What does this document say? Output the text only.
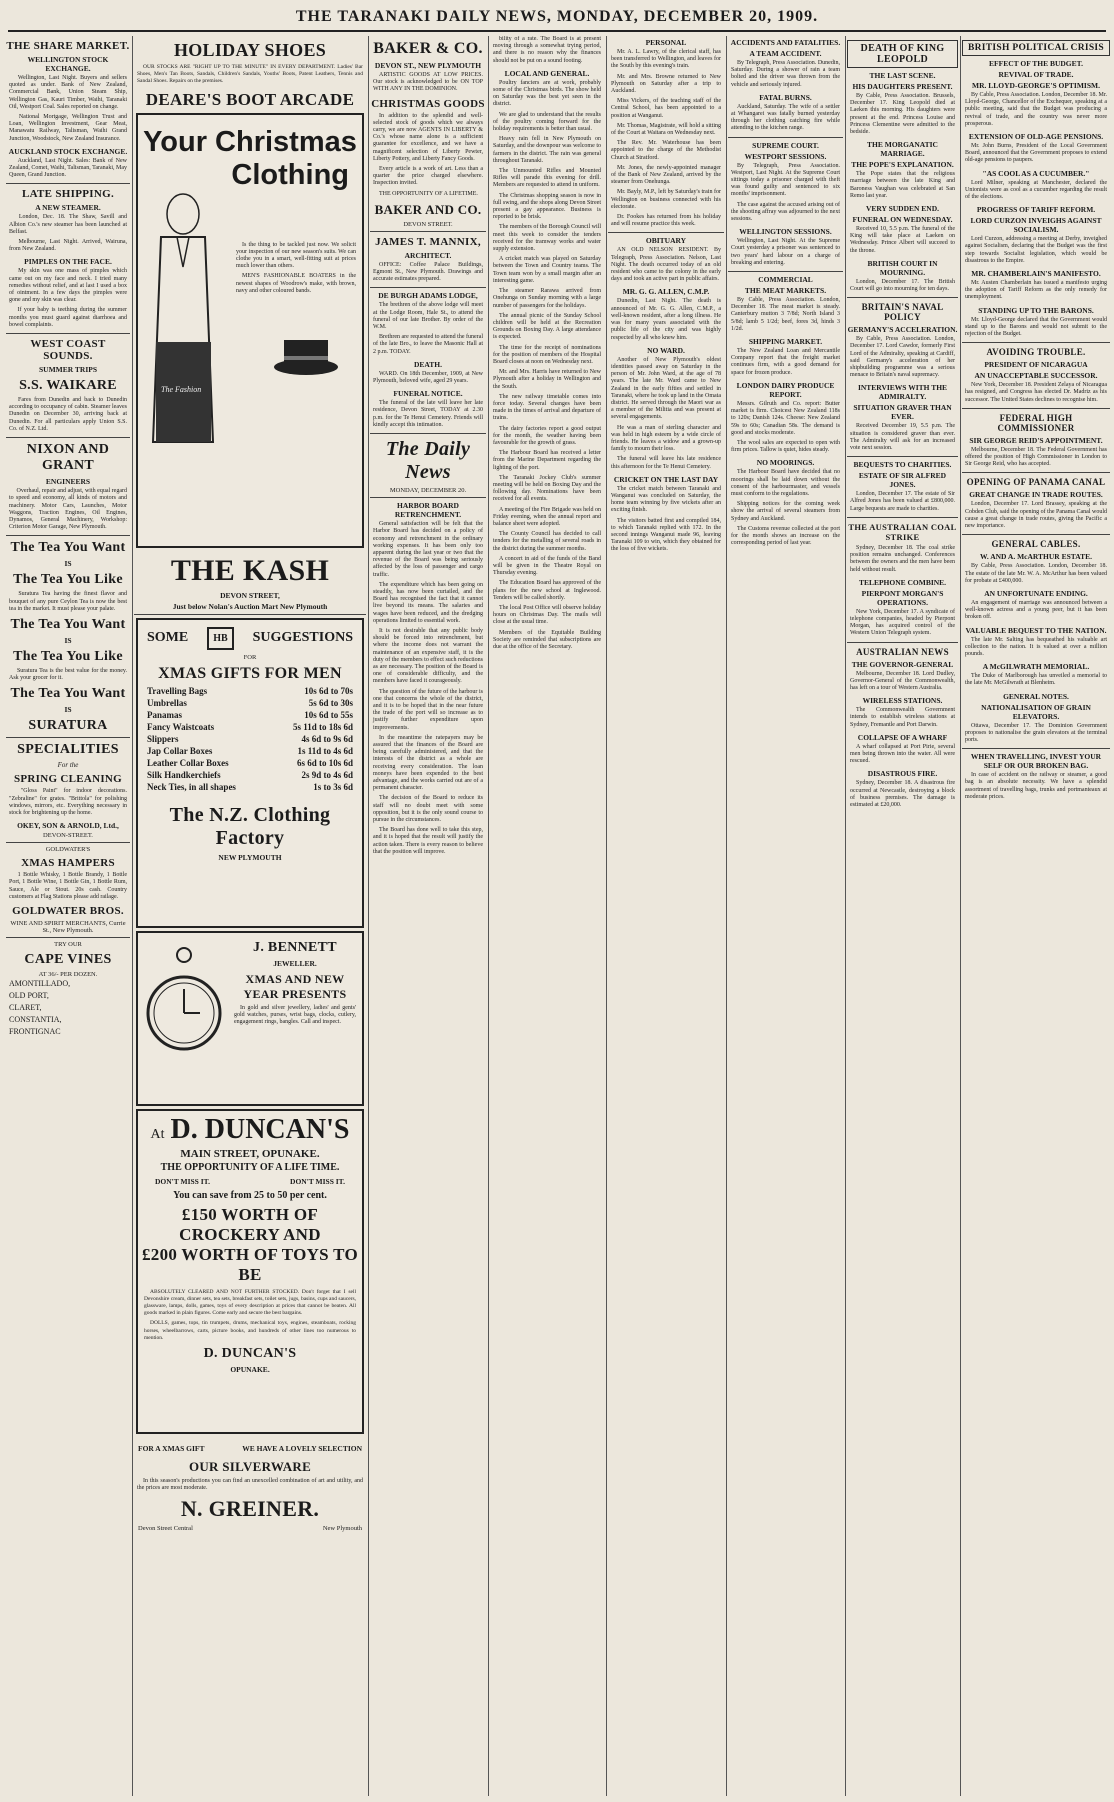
THE TARANAKI DAILY NEWS, MONDAY, DECEMBER 20, 1909.
THE SHARE MARKET.
WELLINGTON STOCK EXCHANGE.

Wellington, Last Night. Buyers and sellers quoted as under. Bank of New Zealand, Commercial Bank, Union Steam Ship, Wellington Gas, Kauri Timber, Waihi, Taranaki Oil, Westport Coal. Sales reported on change.

National Mortgage, Wellington Trust and Loan, Wellington Investment, Gear Meat, Manawatu Railway, Talisman, Waihi Grand Junction, Woodstock, New Zealand Insurance.

AUCKLAND STOCK EXCHANGE.

Auckland, Last Night. Sales: Bank of New Zealand, Comet, Waihi, Talisman, Taranaki, May Queen, Grand Junction.

LATE SHIPPING.
A NEW STEAMER.

London, Dec. 18. The Shaw, Savill and Albion Co.'s new steamer has been launched at Belfast.

Melbourne, Last Night. Arrived, Wairuna, from New Zealand.

PIMPLES ON THE FACE.

My skin was one mass of pimples which came out on my face and neck. I tried many remedies without relief, and at last I used a box of ointment. In a few days the pimples were gone and my skin was clear.

If your baby is teething during the summer months you must guard against diarrhoea and bowel complaints.

WEST COAST SOUNDS.
SUMMER TRIPS
S.S. WAIKARE

Fares from Dunedin and back to Dunedin according to occupancy of cabin. Steamer leaves Dunedin on December 30, arriving back at Dunedin. For all particulars apply Union S.S. Co. of N.Z. Ltd.

NIXON AND GRANT
ENGINEERS

Overhaul, repair and adjust, with equal regard to speed and economy, all kinds of motors and machinery. Motor Cars, Launches, Motor Waggons, Traction Engines, Oil Engines, Dynamos, General Machinery, Workshop: Criterion Motor Garage, New Plymouth.

The Tea You Want
IS
The Tea You Like

Suratura Tea having the finest flavor and bouquet of any pure Ceylon Tea is now the best tea in the market. It must please your palate.

The Tea You Want
IS
The Tea You Like

Suratura Tea is the best value for the money. Ask your grocer for it.

The Tea You Want
IS
SURATURA
SPECIALITIES
For the
SPRING CLEANING

"Gloss Paint" for indoor decorations. "Zebraline" for grates. "Brittola" for polishing windows, mirrors, etc. Everything necessary in stock for brightening up the home.

OKEY, SON & ARNOLD, Ltd.,
DEVON-STREET.
GOLDWATER'S
XMAS HAMPERS

1 Bottle Whisky, 1 Bottle Brandy, 1 Bottle Port, 1 Bottle Wine, 1 Bottle Gin, 1 Bottle Rum, Sauce, Ale or Stout. 20s cash. Country customers at Flag Stations please add railage.

GOLDWATER BROS.
WINE AND SPIRIT MERCHANTS, Currie St., New Plymouth.
TRY OUR
CAPE VINES
AT 36/- PER DOZEN.
AMONTILLADO,
OLD PORT,
CLARET,
CONSTANTIA,
FRONTIGNAC
HOLIDAY SHOES

OUR STOCKS ARE "RIGHT UP TO THE MINUTE" IN EVERY DEPARTMENT. Ladies' Bar Shoes, Men's Tan Boots, Sandals, Children's Sandals, Youths' Boots, Patent Leathers, Tennis and Sandal Shoes. Repairs on the premises.

DEARE'S BOOT ARCADE
Your Christmas
Clothing
The Fashion

Is the thing to be tackled just now. We solicit your inspection of our new season's suits. We can clothe you in a smart, well-fitting suit at prices much lower than others.

MEN'S FASHIONABLE BOATERS in the newest shapes of Woodrow's make, with brown, navy and other coloured bands.

THE KASH
DEVON STREET,
Just below Nolan's Auction Mart New Plymouth
SOME	HB	SUGGESTIONS
FOR
XMAS GIFTS FOR MEN
Travelling Bags	10s 6d to 70s
Umbrellas	5s 6d to 30s
Panamas	10s 6d to 55s
Fancy Waistcoats	5s 11d to 18s 6d
Slippers	4s 6d to 9s 6d
Jap Collar Boxes	1s 11d to 4s 6d
Leather Collar Boxes	6s 6d to 10s 6d
Silk Handkerchiefs	2s 9d to 4s 6d
Neck Ties, in all shapes	1s to 3s 6d
The N.Z. Clothing Factory
NEW PLYMOUTH
J. BENNETT
JEWELLER.
XMAS AND NEW YEAR PRESENTS

In gold and silver jewellery, ladies' and gents' gold watches, purses, wrist bags, clocks, cutlery, engagement rings, bangles. Call and inspect.

At D. DUNCAN'S
MAIN STREET, OPUNAKE.
THE OPPORTUNITY OF A LIFE TIME.
DON'T MISS IT.	DON'T MISS IT.
You can save from 25 to 50 per cent.
£150 WORTH OF CROCKERY AND
£200 WORTH OF TOYS TO BE

ABSOLUTELY CLEARED AND NOT FURTHER STOCKED. Don't forget that I sell Devonshire cream, dinner sets, tea sets, breakfast sets, toilet sets, jugs, basins, cups and saucers, glassware, lamps, dolls, games, toys of every description at prices that cannot be beaten. All goods marked in plain figures. Come early and secure the best bargains.

DOLLS, games, tops, tin trumpets, drums, mechanical toys, engines, steamboats, rocking horses, wheelbarrows, carts, picture books, and hundreds of other lines too numerous to mention.

D. DUNCAN'S
OPUNAKE.
FOR A XMAS GIFT	WE HAVE A LOVELY SELECTION
OUR SILVERWARE

In this season's productions you can find an unexcelled combination of art and utility, and the prices are most moderate.

N. GREINER.
Devon Street Central	New Plymouth
BAKER & CO.
DEVON ST., NEW PLYMOUTH

ARTISTIC GOODS AT LOW PRICES. Our stock is acknowledged to be ON TOP WITH ANY IN THE DOMINION.

CHRISTMAS GOODS

In addition to the splendid and well-selected stock of goods which we always carry, we are now AGENTS IN LIBERTY & Co.'s whose name alone is a sufficient guarantee for excellence, and we have a magnificent selection of Liberty Pewter, Liberty Pottery, and Liberty Fancy Goods.

Every article is a work of art. Less than a quarter the price charged elsewhere. Inspection invited.

THE OPPORTUNITY OF A LIFETIME.

BAKER AND CO.
DEVON STREET.
JAMES T. MANNIX,
ARCHITECT.

OFFICE: Coffee Palace Buildings, Egmont St., New Plymouth. Drawings and accurate estimates prepared.

DE BURGH ADAMS LODGE,

The brethren of the above lodge will meet at the Lodge Room, Hale St., to attend the funeral of our late Brother. By order of the W.M.

Brethren are requested to attend the funeral of the late Bro., to leave the Masonic Hall at 2 p.m. TODAY.

DEATH.

WARD. On 18th December, 1909, at New Plymouth, beloved wife, aged 29 years.

FUNERAL NOTICE.

The funeral of the late will leave her late residence, Devon Street, TODAY at 2.30 p.m. for the Te Henui Cemetery. Friends will kindly accept this intimation.

The Daily News
MONDAY, DECEMBER 20.
HARBOR BOARD RETRENCHMENT.

General satisfaction will be felt that the Harbor Board has decided on a policy of economy and retrenchment in the ordinary working expenses. It has been only too apparent during the last year or two that the revenue of the Board was being seriously affected by the loss of passenger and cargo traffic.

The expenditure which has been going on steadily, has now been curtailed, and the Board has recognised the fact that it cannot live beyond its means. The salaries and wages have been reduced, and the dredging operations limited to essential work.

It is not desirable that any public body should be forced into retrenchment, but where the income does not warrant the maintenance of an expensive staff, it is the duty of the members to effect such reductions as are necessary. The position of the Board is one of considerable difficulty, and the members have faced it courageously.

The question of the future of the harbour is one that concerns the whole of the district, and it is to be hoped that in the near future the trade of the port will so increase as to justify further expenditure upon improvements.

In the meantime the ratepayers may be assured that the finances of the Board are being carefully administered, and that the interests of the district as a whole are receiving every consideration. The loan moneys have been expended to the best advantage, and the works carried out are of a permanent character.

The decision of the Board to reduce its staff will no doubt meet with some opposition, but it is the only sound course to pursue in the circumstances.

The Board has done well to take this step, and it is hoped that the result will justify the action taken. There is every reason to believe that the position will improve.

bility of a rate. The Board is at present moving through a somewhat trying period, and there is no reason why the finances should not be put on a sound footing.

LOCAL AND GENERAL.

Poultry fanciers are at work, probably some of the Christmas birds. The show held on Saturday was the best yet seen in the district.

We are glad to understand that the results of the poultry coming forward for the holiday requirements is better than usual.

Heavy rain fell in New Plymouth on Saturday, and the downpour was welcome to farmers in the district. The rain was general throughout Taranaki.

The Unmounted Rifles and Mounted Rifles will parade this evening for drill. Members are requested to attend in uniform.

The Christmas shopping season is now in full swing, and the shops along Devon Street present a gay appearance. Business is reported to be brisk.

The members of the Borough Council will meet this week to consider the tenders received for the tramway works and water supply extension.

A cricket match was played on Saturday between the Town and Country teams. The Town team won by a small margin after an interesting game.

The steamer Rarawa arrived from Onehunga on Sunday morning with a large number of passengers for the holidays.

The annual picnic of the Sunday School children will be held at the Recreation Grounds on Boxing Day. A large attendance is expected.

The time for the receipt of nominations for the position of members of the Hospital Board closes at noon on Wednesday next.

Mr. and Mrs. Harris have returned to New Plymouth after a holiday in Wellington and the South.

The new railway timetable comes into force today. Several changes have been made in the times of arrival and departure of trains.

The dairy factories report a good output for the month, the weather having been favourable for the growth of grass.

The Harbour Board has received a letter from the Marine Department regarding the lighting of the port.

The Taranaki Jockey Club's summer meeting will be held on Boxing Day and the following day. Nominations have been received for all events.

A meeting of the Fire Brigade was held on Friday evening, when the annual report and balance sheet were adopted.

The County Council has decided to call tenders for the metalling of several roads in the district during the summer months.

A concert in aid of the funds of the Band will be given in the Theatre Royal on Thursday evening.

The Education Board has approved of the plans for the new school at Inglewood. Tenders will be called shortly.

The local Post Office will observe holiday hours on Christmas Day. The mails will close at the usual time.

Members of the Equitable Building Society are reminded that subscriptions are due at the office of the Secretary.

PERSONAL

Mr. A. L. Lawry, of the clerical staff, has been transferred to Wellington, and leaves for the South by this evening's train.

Mr. and Mrs. Browne returned to New Plymouth on Saturday after a trip to Auckland.

Miss Vickers, of the teaching staff of the Central School, has been appointed to a position at Wanganui.

Mr. Thomas, Magistrate, will hold a sitting of the Court at Waitara on Wednesday next.

The Rev. Mr. Waterhouse has been appointed to the charge of the Methodist Church at Stratford.

Mr. Jones, the newly-appointed manager of the Bank of New Zealand, arrived by the steamer from Onehunga.

Mr. Bayly, M.P., left by Saturday's train for Wellington on business connected with his electorate.

Dr. Fookes has returned from his holiday and will resume practice this week.

OBITUARY

AN OLD NELSON RESIDENT. By Telegraph, Press Association. Nelson, Last Night. The death occurred today of an old resident who came to the colony in the early days and took an active part in public affairs.

MR. G. G. ALLEN, C.M.P.

Dunedin, Last Night. The death is announced of Mr. G. G. Allen, C.M.P., a well-known resident, after a long illness. He was for many years associated with the public life of the city and was highly respected by all who knew him.

NO WARD.

Another of New Plymouth's oldest identities passed away on Saturday in the person of Mr. John Ward, at the age of 78 years. The late Mr. Ward came to New Zealand in the early fifties and settled in Taranaki, where he took up land in the Omata district. He served through the Maori war as a member of the Militia and was present at several engagements.

He was a man of sterling character and was held in high esteem by a wide circle of friends. He leaves a widow and a grown-up family to mourn their loss.

The funeral will leave his late residence this afternoon for the Te Henui Cemetery.

CRICKET ON THE LAST DAY

The cricket match between Taranaki and Wanganui was concluded on Saturday, the home team winning by five wickets after an exciting finish.

The visitors batted first and compiled 184, to which Taranaki replied with 172. In the second innings Wanganui made 96, leaving Taranaki 109 to win, which they obtained for the loss of five wickets.

ACCIDENTS AND FATALITIES.
A TEAM ACCIDENT.

By Telegraph, Press Association. Dunedin, Saturday. During a shower of rain a team bolted and the driver was thrown from the vehicle and seriously injured.

FATAL BURNS.

Auckland, Saturday. The wife of a settler at Whangarei was fatally burned yesterday through her clothing catching fire while attending to the kitchen range.

SUPREME COURT.
WESTPORT SESSIONS.

By Telegraph, Press Association. Westport, Last Night. At the Supreme Court sittings today a prisoner charged with theft was found guilty and sentenced to six months' imprisonment.

The case against the accused arising out of the shooting affray was adjourned to the next sessions.

WELLINGTON SESSIONS.

Wellington, Last Night. At the Supreme Court yesterday a prisoner was sentenced to two years' hard labour on a charge of breaking and entering.

COMMERCIAL
THE MEAT MARKETS.

By Cable, Press Association. London, December 18. The meat market is steady. Canterbury mutton 3 7/8d; North Island 3 5/8d; lamb 5 1/2d; beef, fores 3d, hinds 3 1/2d.

SHIPPING MARKET.

The New Zealand Loan and Mercantile Company report that the freight market continues firm, with a good demand for space for frozen produce.

LONDON DAIRY PRODUCE REPORT.

Messrs. Gilruth and Co. report: Butter market is firm. Choicest New Zealand 118s to 120s; Danish 124s. Cheese: New Zealand 59s to 60s; Canadian 58s. The demand is good and stocks moderate.

The wool sales are expected to open with firm prices. Tallow is quiet, hides steady.

NO MOORINGS.

The Harbour Board have decided that no moorings shall be laid down without the consent of the harbourmaster, and vessels must conform to the regulations.

Shipping notices for the coming week show the arrival of several steamers from Sydney and Auckland.

The Customs revenue collected at the port for the month shows an increase on the corresponding period of last year.

DEATH OF KING LEOPOLD
THE LAST SCENE.
HIS DAUGHTERS PRESENT.

By Cable, Press Association. Brussels, December 17. King Leopold died at Laeken this morning. His daughters were present at the end. Princess Louise and Princess Clementine were admitted to the bedside.

THE MORGANATIC MARRIAGE.
THE POPE'S EXPLANATION.

The Pope states that the religious marriage between the late King and Baroness Vaughan was celebrated at San Remo last year.

VERY SUDDEN END.
FUNERAL ON WEDNESDAY.

Received 10, 5.5 p.m. The funeral of the King will take place at Laeken on Wednesday. Prince Albert will succeed to the throne.

BRITISH COURT IN MOURNING.

London, December 17. The British Court will go into mourning for ten days.

BRITAIN'S NAVAL POLICY
GERMANY'S ACCELERATION.

By Cable, Press Association. London, December 17. Lord Cawdor, formerly First Lord of the Admiralty, speaking at Cardiff, said Germany's acceleration of her shipbuilding programme was a serious menace to Britain's naval supremacy.

INTERVIEWS WITH THE ADMIRALTY.
SITUATION GRAVER THAN EVER.

Received December 19, 5.5 p.m. The situation is considered graver than ever. The Admiralty will ask for an increased vote next session.

BEQUESTS TO CHARITIES.
ESTATE OF SIR ALFRED JONES.

London, December 17. The estate of Sir Alfred Jones has been valued at £800,000. Large bequests are made to charities.

THE AUSTRALIAN COAL STRIKE

Sydney, December 18. The coal strike position remains unchanged. Conferences between the owners and the men have been held without result.

TELEPHONE COMBINE.
PIERPONT MORGAN'S OPERATIONS.

New York, December 17. A syndicate of telephone companies, headed by Pierpont Morgan, has acquired control of the Western Union Telegraph system.

AUSTRALIAN NEWS
THE GOVERNOR-GENERAL

Melbourne, December 18. Lord Dudley, Governor-General of the Commonwealth, has left on a tour of Western Australia.

WIRELESS STATIONS.

The Commonwealth Government intends to establish wireless stations at Sydney, Fremantle and Port Darwin.

COLLAPSE OF A WHARF

A wharf collapsed at Port Pirie, several men being thrown into the water. All were rescued.

DISASTROUS FIRE.

Sydney, December 18. A disastrous fire occurred at Newcastle, destroying a block of business premises. The damage is estimated at £20,000.

BRITISH POLITICAL CRISIS
EFFECT OF THE BUDGET.
REVIVAL OF TRADE.
MR. LLOYD-GEORGE'S OPTIMISM.

By Cable, Press Association. London, December 18. Mr. Lloyd-George, Chancellor of the Exchequer, speaking at a public meeting, said that the Budget was producing a revival of trade, and the country was never more prosperous.

EXTENSION OF OLD-AGE PENSIONS.

Mr. John Burns, President of the Local Government Board, announced that the Government proposes to extend old-age pensions to paupers.

"AS COOL AS A CUCUMBER."

Lord Milner, speaking at Manchester, declared the Unionists were as cool as a cucumber regarding the result of the elections.

PROGRESS OF TARIFF REFORM.
LORD CURZON INVEIGHS AGAINST SOCIALISM.

Lord Curzon, addressing a meeting at Derby, inveighed against Socialism, declaring that the Budget was the first step towards Socialist legislation, which would be disastrous to the Empire.

MR. CHAMBERLAIN'S MANIFESTO.

Mr. Austen Chamberlain has issued a manifesto urging the adoption of Tariff Reform as the only remedy for unemployment.

STANDING UP TO THE BARONS.

Mr. Lloyd-George declared that the Government would stand up to the Barons and would not submit to the rejection of the Budget.

AVOIDING TROUBLE.
PRESIDENT OF NICARAGUA
AN UNACCEPTABLE SUCCESSOR.

New York, December 18. President Zelaya of Nicaragua has resigned, and Congress has elected Dr. Madriz as his successor. The United States declines to recognise him.

FEDERAL HIGH COMMISSIONER
SIR GEORGE REID'S APPOINTMENT.

Melbourne, December 18. The Federal Government has offered the position of High Commissioner in London to Sir George Reid, who has accepted.

OPENING OF PANAMA CANAL
GREAT CHANGE IN TRADE ROUTES.

London, December 17. Lord Brassey, speaking at the Cobden Club, said the opening of the Panama Canal would cause a great change in trade routes, giving the Pacific a new importance.

GENERAL CABLES.
W. AND A. McARTHUR ESTATE.

By Cable, Press Association. London, December 18. The estate of the late Mr. W. A. McArthur has been valued for probate at £400,000.

AN UNFORTUNATE ENDING.

An engagement of marriage was announced between a well-known actress and a young peer, but it has been broken off.

VALUABLE BEQUEST TO THE NATION.

The late Mr. Salting has bequeathed his valuable art collection to the nation. It is valued at over a million pounds.

A McGILWRATH MEMORIAL.

The Duke of Marlborough has unveiled a memorial to the late Mr. McGilwrath at Blenheim.

GENERAL NOTES.
NATIONALISATION OF GRAIN ELEVATORS.

Ottawa, December 17. The Dominion Government proposes to nationalise the grain elevators at the terminal ports.

WHEN TRAVELLING, INVEST YOUR SELF OR OUR BROKEN BAG.

In case of accident on the railway or steamer, a good bag is an absolute necessity. We have a splendid assortment of travelling bags, trunks and portmanteaux at moderate prices.
